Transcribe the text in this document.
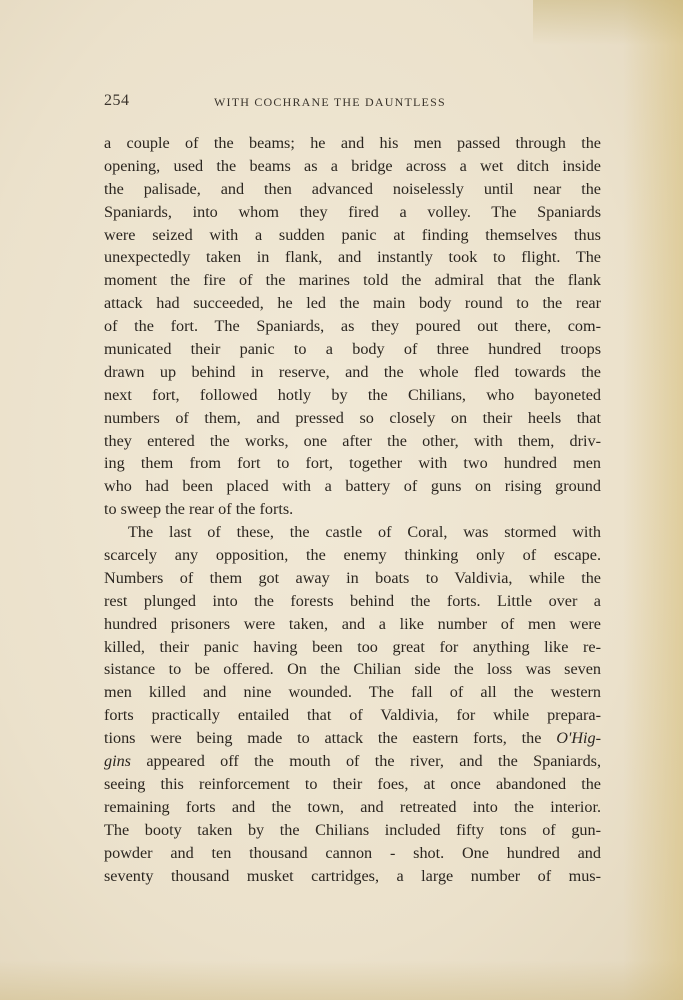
254	WITH COCHRANE THE DAUNTLESS
a couple of the beams; he and his men passed through the
opening, used the beams as a bridge across a wet ditch inside
the palisade, and then advanced noiselessly until near the
Spaniards, into whom they fired a volley. The Spaniards
were seized with a sudden panic at finding themselves thus
unexpectedly taken in flank, and instantly took to flight. The
moment the fire of the marines told the admiral that the flank
attack had succeeded, he led the main body round to the rear
of the fort. The Spaniards, as they poured out there, com-
municated their panic to a body of three hundred troops
drawn up behind in reserve, and the whole fled towards the
next fort, followed hotly by the Chilians, who bayoneted
numbers of them, and pressed so closely on their heels that
they entered the works, one after the other, with them, driv-
ing them from fort to fort, together with two hundred men
who had been placed with a battery of guns on rising ground
to sweep the rear of the forts.
The last of these, the castle of Coral, was stormed with
scarcely any opposition, the enemy thinking only of escape.
Numbers of them got away in boats to Valdivia, while the
rest plunged into the forests behind the forts. Little over a
hundred prisoners were taken, and a like number of men were
killed, their panic having been too great for anything like re-
sistance to be offered. On the Chilian side the loss was seven
men killed and nine wounded. The fall of all the western
forts practically entailed that of Valdivia, for while prepara-
tions were being made to attack the eastern forts, the O'Hig-
gins appeared off the mouth of the river, and the Spaniards,
seeing this reinforcement to their foes, at once abandoned the
remaining forts and the town, and retreated into the interior.
The booty taken by the Chilians included fifty tons of gun-
powder and ten thousand cannon - shot. One hundred and
seventy thousand musket cartridges, a large number of mus-
